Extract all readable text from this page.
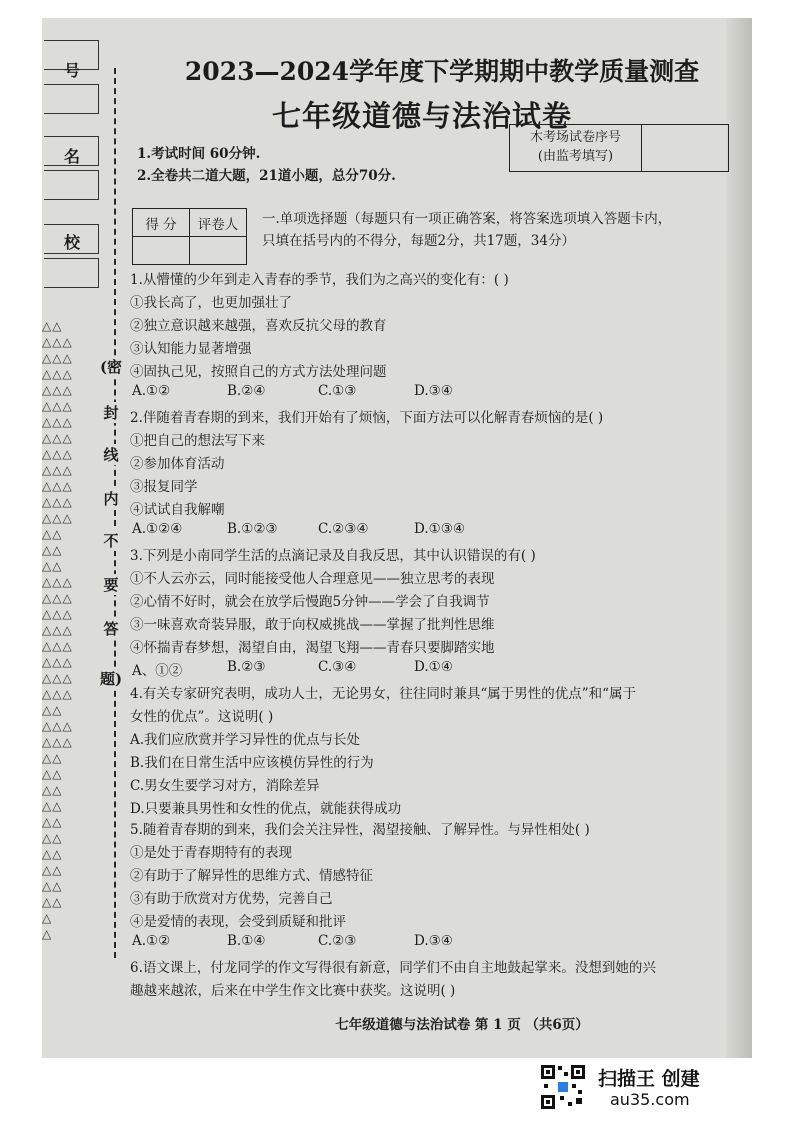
号
名
校
(密
封
线
内
不
要
答
题)
△△
△△△
△△△
△△△
△△△
△△△
△△△
△△△
△△△
△△△
△△△
△△△
△△△
△△
△△
△△
△△△
△△△
△△△
△△△
△△△
△△△
△△△
△△△
△△
△△△
△△△
△△
△△
△△
△△
△△
△△
△△
△△
△△
△△
△
△
2023—2024学年度下学期期中教学质量测查
七年级道德与法治试卷
1.考试时间 60分钟.
2.全卷共二道大题，21道小题，总分70分.
木考场试卷序号
(由监考填写)
得 分	评卷人
	一.单项选择题（每题只有一项正确答案，将答案选项填入答题卡内，
只填在括号内的不得分，每题2分，共17题，34分）
1.从懵懂的少年到走入青春的季节，我们为之高兴的变化有：( )
①我长高了，也更加强壮了
②独立意识越来越强，喜欢反抗父母的教育
③认知能力显著增强
④固执己见，按照自己的方式方法处理问题
A.①②	B.②④	C.①③	D.③④
2.伴随着青春期的到来，我们开始有了烦恼，下面方法可以化解青春烦恼的是( )
①把自己的想法写下来
②参加体育活动
③报复同学
④试试自我解嘲
A.①②④	B.①②③	C.②③④	D.①③④
3.下列是小南同学生活的点滴记录及自我反思，其中认识错误的有( )
①不人云亦云，同时能接受他人合理意见——独立思考的表现
②心情不好时，就会在放学后慢跑5分钟——学会了自我调节
③一味喜欢奇装异服，敢于向权威挑战——掌握了批判性思维
④怀揣青春梦想，渴望自由，渴望飞翔——青春只要脚踏实地
A、①②	B.②③	C.③④	D.①④
4.有关专家研究表明，成功人士，无论男女，往往同时兼具“属于男性的优点”和“属于
女性的优点”。这说明( )
A.我们应欣赏并学习异性的优点与长处
B.我们在日常生活中应该模仿异性的行为
C.男女生要学习对方，消除差异
D.只要兼具男性和女性的优点，就能获得成功
5.随着青春期的到来，我们会关注异性，渴望接触、了解异性。与异性相处( )
①是处于青春期特有的表现
②有助于了解异性的思维方式、情感特征
③有助于欣赏对方优势，完善自己
④是爱情的表现，会受到质疑和批评
A.①②	B.①④	C.②③	D.③④
6.语文课上，付龙同学的作文写得很有新意，同学们不由自主地鼓起掌来。没想到她的兴
趣越来越浓，后来在中学生作文比赛中获奖。这说明( )
七年级道德与法治试卷 第 1 页 （共6页）
扫描王 创建
au35.com
